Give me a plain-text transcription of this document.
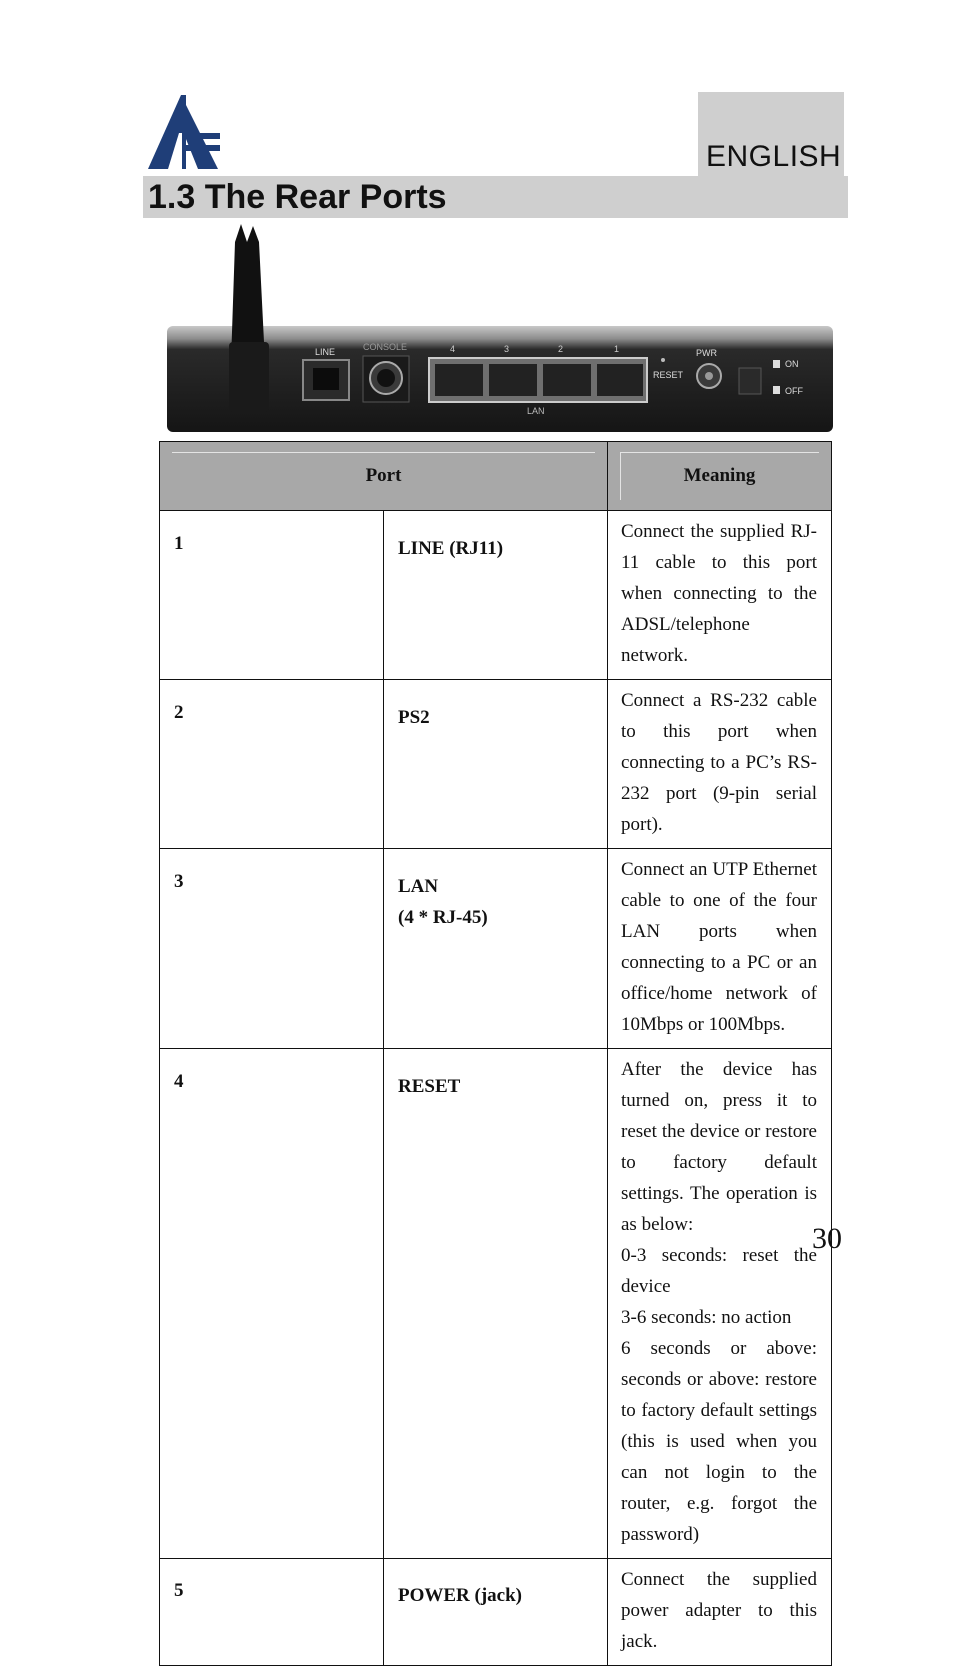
ENGLISH
1.3 The Rear Ports
LINE	CONSOLE	4	3	2	1
LAN
RESET
PWR
ON
OFF
Port		Meaning
1	LINE (RJ11)	Connect the supplied RJ-11 cable to this port when connecting to the ADSL/telephone network.

2	PS2	Connect a RS-232 cable to this port when connecting to a PC’s RS-232 port (9-pin serial port).

3	LAN
(4 * RJ-45)	Connect an UTP Ethernet cable to one of the four LAN ports when connecting to a PC or an office/home network of 10Mbps or 100Mbps.

4	RESET	After the device has turned on, press it to reset the device or restore to factory default settings. The operation is as below:
0-3 seconds: reset the device
3-6 seconds: no action
6 seconds or above: seconds or above: restore to factory default settings (this is used when you can not login to the router, e.g. forgot the password)

5	POWER (jack)	Connect the supplied power adapter to this jack.
30
